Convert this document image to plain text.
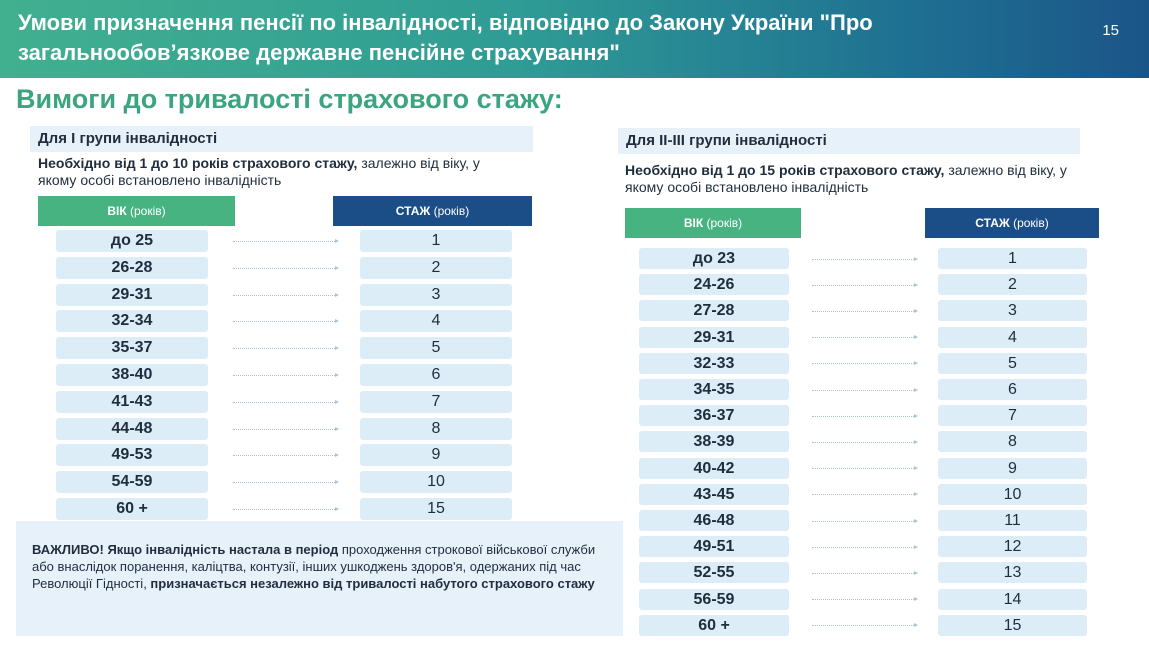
Умови призначення пенсії по інвалідності, відповідно до Закону України "Про загальнообов’язкове державне пенсійне страхування"
15
Вимоги до тривалості страхового стажу:
Для I групи інвалідності
Необхідно від 1 до 10 років страхового стажу, залежно від віку, у якому особі встановлено інвалідність
ВІК (років)	СТАЖ (років)
до 25	1
26-28	2
29-31	3
32-34	4
35-37	5
38-40	6
41-43	7
44-48	8
49-53	9
54-59	10
60 +	15
Для II-III групи інвалідності
Необхідно від 1 до 15 років страхового стажу, залежно від віку, у якому особі встановлено інвалідність
ВІК (років)	СТАЖ (років)
до 23	1
24-26	2
27-28	3
29-31	4
32-33	5
34-35	6
36-37	7
38-39	8
40-42	9
43-45	10
46-48	11
49-51	12
52-55	13
56-59	14
60 +	15
ВАЖЛИВО! Якщо інвалідність настала в період проходження строкової військової служби або внаслідок поранення, каліцтва, контузії, інших ушкоджень здоров'я, одержаних під час Революції Гідності, призначається незалежно від тривалості набутого страхового стажу
